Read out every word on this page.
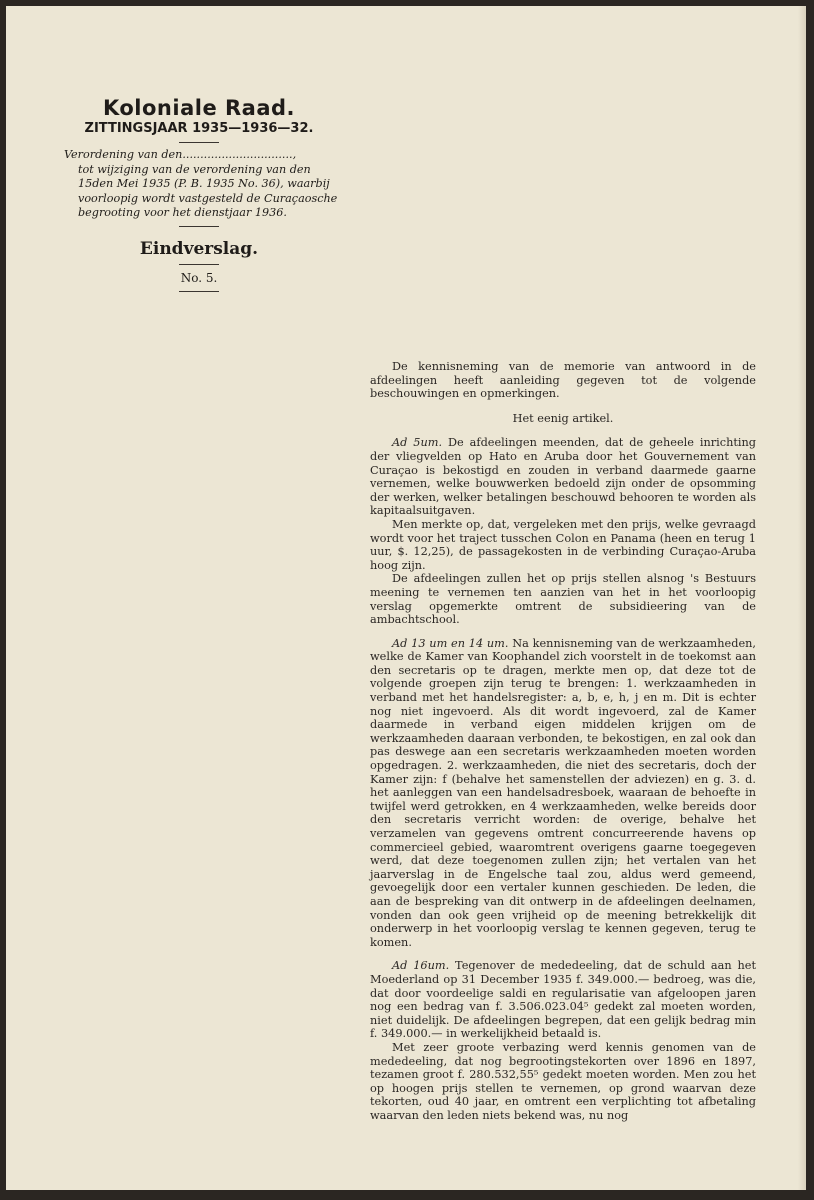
Koloniale Raad.
ZITTINGSJAAR 1935—1936—32.
Verordening van den...............................,
tot wijziging van de verordening van den
15den Mei 1935 (P. B. 1935 No. 36), waarbij
voorloopig wordt vastgesteld de Curaçaosche
begrooting voor het dienstjaar 1936.
Eindverslag.
No. 5.

De kennisneming van de memorie van antwoord in de afdeelingen heeft aanleiding gegeven tot de volgende beschouwingen en opmerkingen.

Het eenig artikel.

Ad 5um. De afdeelingen meenden, dat de geheele inrichting der vliegvelden op Hato en Aruba door het Gouvernement van Curaçao is bekostigd en zouden in verband daarmede gaarne vernemen, welke bouwwerken bedoeld zijn onder de opsomming der werken, welker betalingen beschouwd behooren te worden als kapitaalsuitgaven.

Men merkte op, dat, vergeleken met den prijs, welke gevraagd wordt voor het traject tusschen Colon en Panama (heen en terug 1 uur, $. 12,25), de passagekosten in de verbinding Curaçao-Aruba hoog zijn.

De afdeelingen zullen het op prijs stellen alsnog 's Bestuurs meening te vernemen ten aanzien van het in het voorloopig verslag opgemerkte omtrent de subsidieering van de ambachtschool.

Ad 13 um en 14 um. Na kennisneming van de werkzaamheden, welke de Kamer van Koophandel zich voorstelt in de toekomst aan den secretaris op te dragen, merkte men op, dat deze tot de volgende groepen zijn terug te brengen: 1. werkzaamheden in verband met het handelsregister: a, b, e, h, j en m. Dit is echter nog niet ingevoerd. Als dit wordt ingevoerd, zal de Kamer daarmede in verband eigen middelen krijgen om de werkzaamheden daaraan verbonden, te bekostigen, en zal ook dan pas deswege aan een secretaris werkzaamheden moeten worden opgedragen. 2. werkzaamheden, die niet des secretaris, doch der Kamer zijn: f (behalve het samenstellen der adviezen) en g. 3. d. het aanleggen van een handelsadresboek, waaraan de behoefte in twijfel werd getrokken, en 4 werkzaamheden, welke bereids door den secretaris verricht worden: de overige, behalve het verzamelen van gegevens omtrent concurreerende havens op commercieel gebied, waaromtrent overigens gaarne toegegeven werd, dat deze toegenomen zullen zijn; het vertalen van het jaarverslag in de Engelsche taal zou, aldus werd gemeend, gevoegelijk door een vertaler kunnen geschieden. De leden, die aan de bespreking van dit ontwerp in de afdeelingen deelnamen, vonden dan ook geen vrijheid op de meening betrekkelijk dit onderwerp in het voorloopig verslag te kennen gegeven, terug te komen.

Ad 16um. Tegenover de mededeeling, dat de schuld aan het Moederland op 31 December 1935 f. 349.000.— bedroeg, was die, dat door voordeelige saldi en regularisatie van afgeloopen jaren nog een bedrag van f. 3.506.023.04⁵ gedekt zal moeten worden, niet duidelijk. De afdeelingen begrepen, dat een gelijk bedrag min f. 349.000.— in werkelijkheid betaald is.

Met zeer groote verbazing werd kennis genomen van de mededeeling, dat nog begrootingstekorten over 1896 en 1897, tezamen groot f. 280.532,55⁵ gedekt moeten worden. Men zou het op hoogen prijs stellen te vernemen, op grond waarvan deze tekorten, oud 40 jaar, en omtrent een verplichting tot afbetaling waarvan den leden niets bekend was, nu nog
